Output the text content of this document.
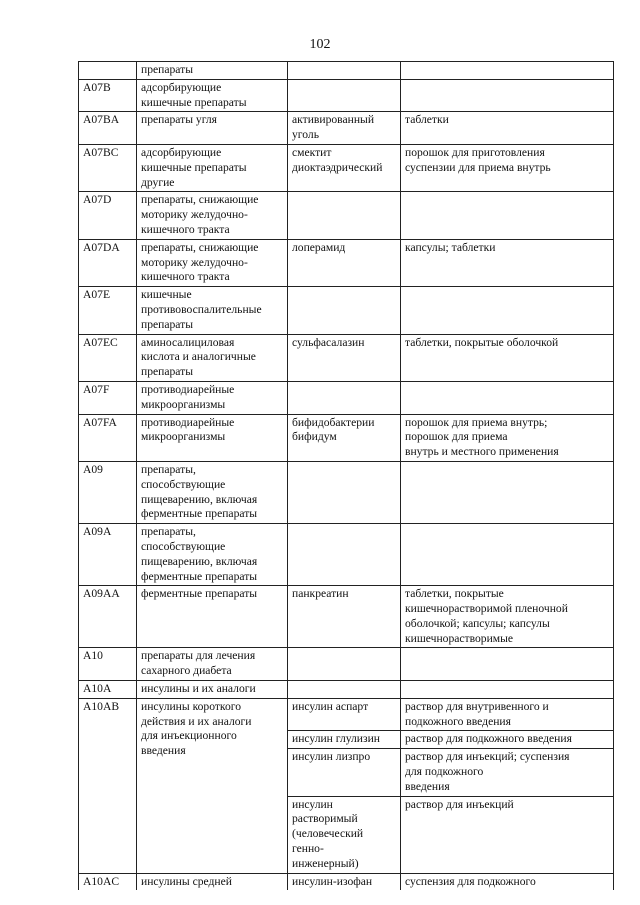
102
	препараты		
A07B	адсорбирующие
кишечные препараты		
A07BA	препараты угля	активированный
уголь	таблетки
A07BC	адсорбирующие
кишечные препараты
другие	смектит
диоктаэдрический	порошок для приготовления
суспензии для приема внутрь
A07D	препараты, снижающие
моторику желудочно-
кишечного тракта		
A07DA	препараты, снижающие
моторику желудочно-
кишечного тракта	лоперамид	капсулы; таблетки
A07E	кишечные
противовоспалительные
препараты		
A07EC	аминосалициловая
кислота и аналогичные
препараты	сульфасалазин	таблетки, покрытые оболочкой
A07F	противодиарейные
микроорганизмы		
A07FA	противодиарейные
микроорганизмы	бифидобактерии
бифидум	порошок для приема внутрь;
порошок для приема
внутрь и местного применения
A09	препараты,
способствующие
пищеварению, включая
ферментные препараты		
A09A	препараты,
способствующие
пищеварению, включая
ферментные препараты		
A09AA	ферментные препараты	панкреатин	таблетки, покрытые
кишечнорастворимой пленочной
оболочкой; капсулы; капсулы
кишечнорастворимые
A10	препараты для лечения
сахарного диабета		
A10A	инсулины и их аналоги		
A10AB	инсулины короткого
действия и их аналоги
для инъекционного
введения	инсулин аспарт	раствор для внутривенного и
подкожного введения
		инсулин глулизин	раствор для подкожного введения
		инсулин лизпро	раствор для инъекций; суспензия
для подкожного
введения
		инсулин
растворимый
(человеческий
генно-
инженерный)	раствор для инъекций
A10AC	инсулины средней	инсулин-изофан	суспензия для подкожного
